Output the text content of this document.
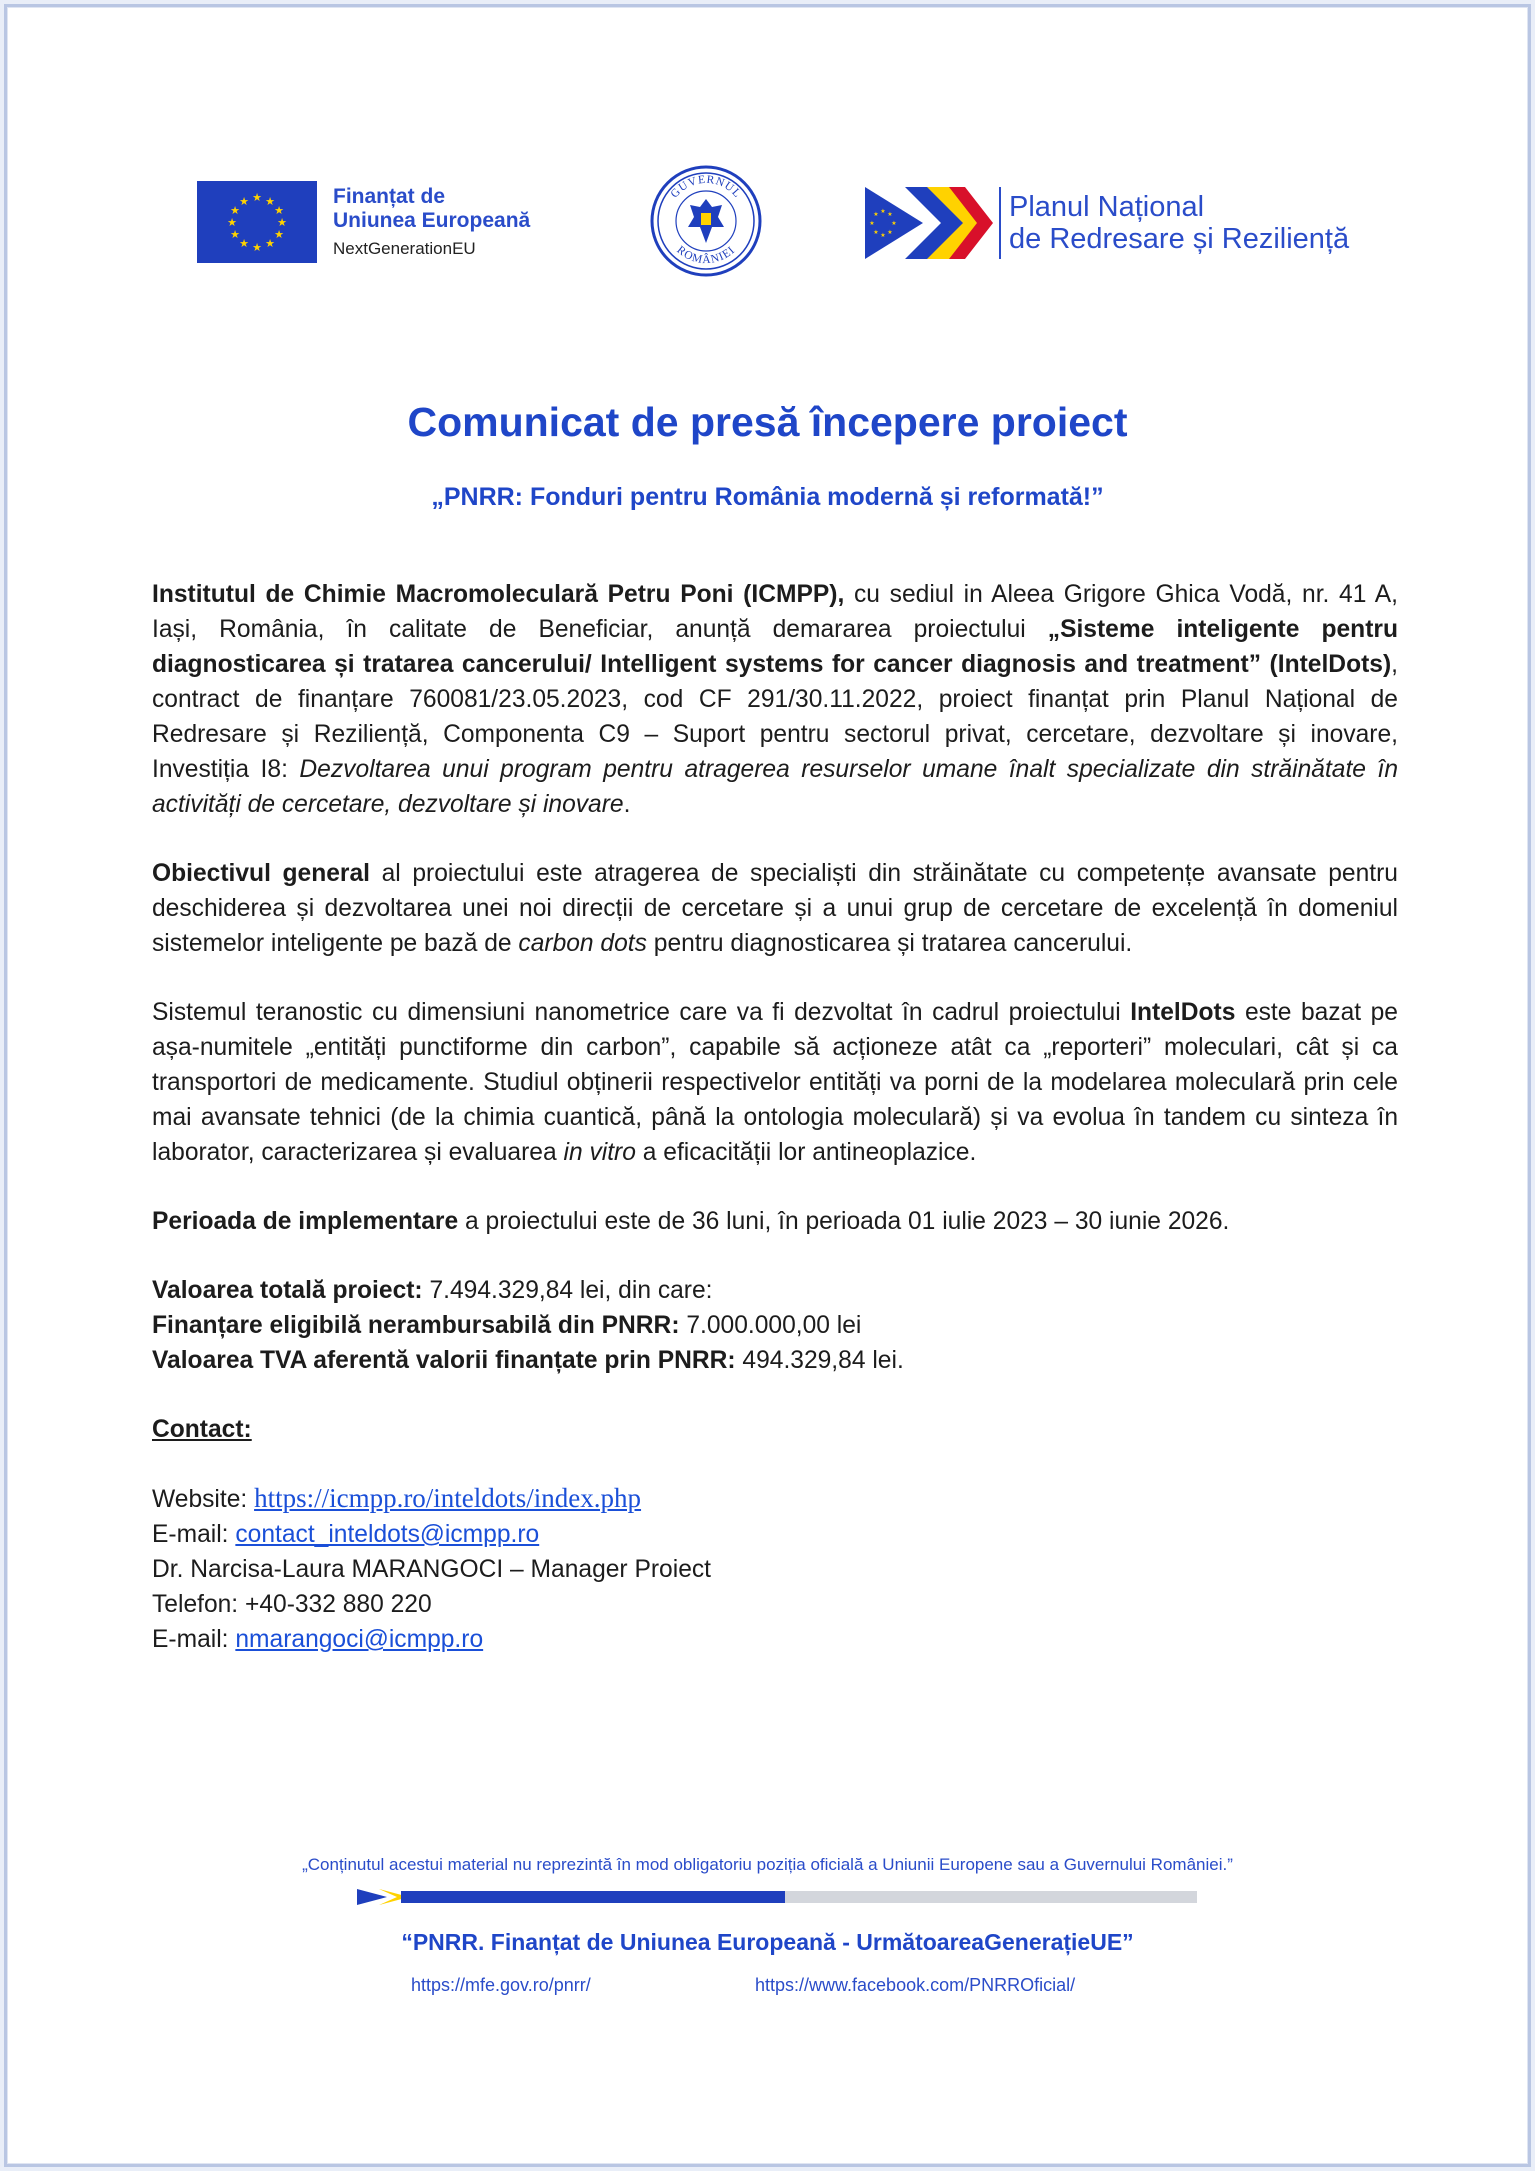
★ ★
★
★
★
★
★
★
★
★
★
★	Finanțat de
Uniunea Europeană
NextGenerationEU
GUVERNUL
ROMÂNIEI
★ ★
★
★
★
★
★
★	Planul Național
de Redresare și Reziliență
Comunicat de presă începere proiect
„PNRR: Fonduri pentru România modernă și reformată!”

Institutul de Chimie Macromoleculară Petru Poni (ICMPP), cu sediul in Aleea Grigore Ghica Vodă, nr. 41 A, Iași, România, în calitate de Beneficiar, anunță demararea proiectului „Sisteme inteligente pentru diagnosticarea și tratarea cancerului/ Intelligent systems for cancer diagnosis and treatment” (IntelDots), contract de finanțare 760081/23.05.2023, cod CF 291/30.11.2022, proiect finanțat prin Planul Național de Redresare și Reziliență, Componenta C9 – Suport pentru sectorul privat, cercetare, dezvoltare și inovare, Investiția I8: Dezvoltarea unui program pentru atragerea resurselor umane înalt specializate din străinătate în activități de cercetare, dezvoltare și inovare.

Obiectivul general al proiectului este atragerea de specialiști din străinătate cu competențe avansate pentru deschiderea și dezvoltarea unei noi direcții de cercetare și a unui grup de cercetare de excelență în domeniul sistemelor inteligente pe bază de carbon dots pentru diagnosticarea și tratarea cancerului.

Sistemul teranostic cu dimensiuni nanometrice care va fi dezvoltat în cadrul proiectului IntelDots este bazat pe așa-numitele „entități punctiforme din carbon”, capabile să acționeze atât ca „reporteri” moleculari, cât și ca transportori de medicamente. Studiul obținerii respectivelor entități va porni de la modelarea moleculară prin cele mai avansate tehnici (de la chimia cuantică, până la ontologia moleculară) și va evolua în tandem cu sinteza în laborator, caracterizarea și evaluarea in vitro a eficacității lor antineoplazice.

Perioada de implementare a proiectului este de 36 luni, în perioada 01 iulie 2023 – 30 iunie 2026.

Valoarea totală proiect: 7.494.329,84 lei, din care:
Finanțare eligibilă nerambursabilă din PNRR: 7.000.000,00 lei
Valoarea TVA aferentă valorii finanțate prin PNRR: 494.329,84 lei.
Contact:
Website: https://icmpp.ro/inteldots/index.php
E-mail: contact_inteldots@icmpp.ro
Dr. Narcisa-Laura MARANGOCI – Manager Proiect
Telefon: +40-332 880 220
E-mail: nmarangoci@icmpp.ro
„Conținutul acestui material nu reprezintă în mod obligatoriu poziția oficială a Uniunii Europene sau a Guvernului României.”
“PNRR. Finanțat de Uniunea Europeană - UrmătoareaGenerațieUE”
https://mfe.gov.ro/pnrr/	https://www.facebook.com/PNRROficial/
